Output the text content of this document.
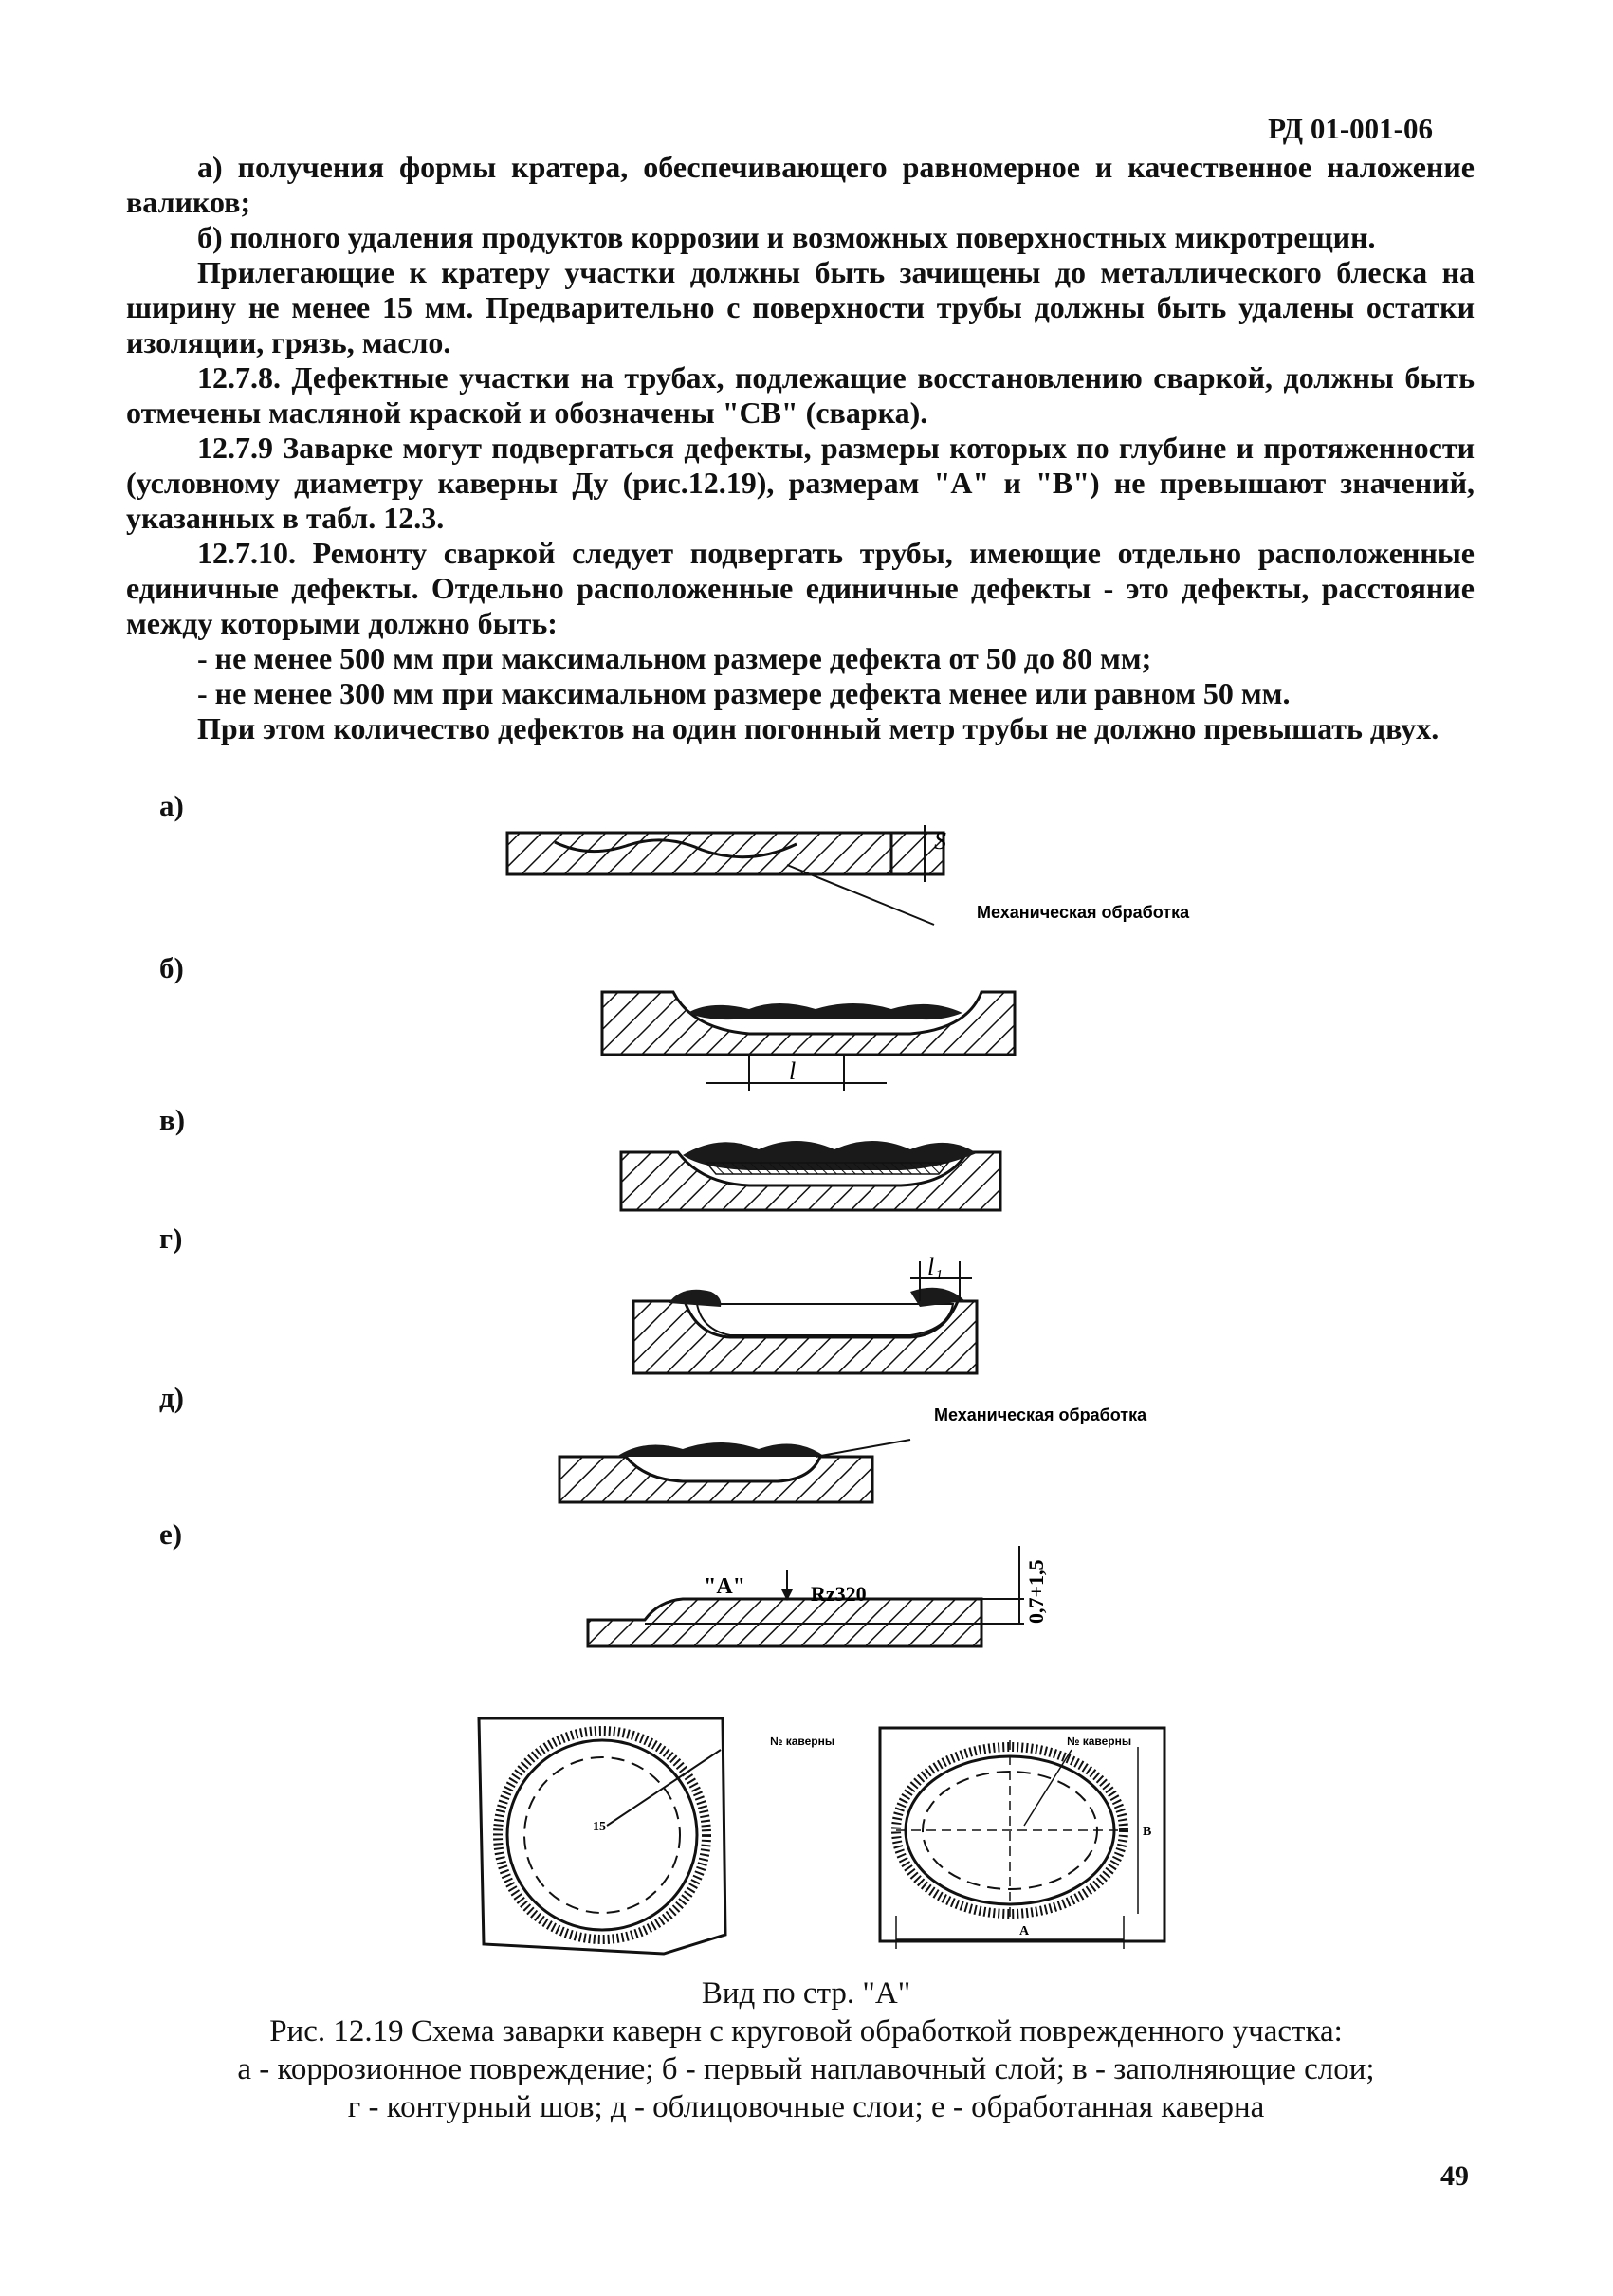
РД 01-001-06

а) получения формы кратера, обеспечивающего равномерное и качественное наложение валиков;

б) полного удаления продуктов коррозии и возможных поверхностных микротрещин.

Прилегающие к кратеру участки должны быть зачищены до металлического блеска на ширину не менее 15 мм. Предварительно с поверхности трубы должны быть удалены остатки изоляции, грязь, масло.

12.7.8. Дефектные участки на трубах, подлежащие восстановлению сваркой, должны быть отмечены масляной краской и обозначены "СВ" (сварка).

12.7.9 Заварке могут подвергаться дефекты, размеры которых по глубине и протяженности (условному диаметру каверны Ду (рис.12.19), размерам "А" и "В") не превышают значений, указанных в табл. 12.3.

12.7.10. Ремонту сваркой следует подвергать трубы, имеющие отдельно расположенные единичные дефекты. Отдельно расположенные единичные дефекты - это дефекты, расстояние между которыми должно быть:

- не менее 500 мм при максимальном размере дефекта от 50 до 80 мм;

- не менее 300 мм при максимальном размере дефекта менее или равном 50 мм.

При этом количество дефектов на один погонный метр трубы не должно превышать двух.

а)
б)
в)
г)
д)
е)
S
Механическая обработка
l
l₁
Механическая обработка
0,7+1,5
"А"	Rz320
15
№ каверны
А
В
№ каверны
Вид по стр. "А"
Рис. 12.19 Схема заварки каверн с круговой обработкой поврежденного участка:
а - коррозионное повреждение; б - первый наплавочный слой; в - заполняющие слои;
г - контурный шов; д - облицовочные слои; е - обработанная каверна
49
